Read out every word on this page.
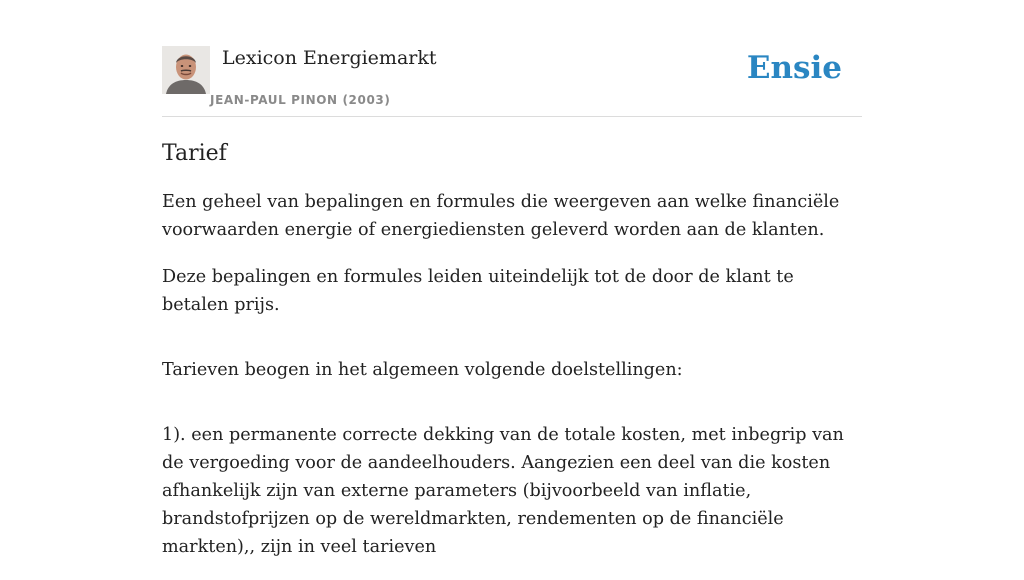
Lexicon Energiemarkt
JEAN-PAUL PINON (2003)
Ensie
Tarief

Een geheel van bepalingen en formules die weergeven aan welke financiële voorwaarden energie of energiediensten geleverd worden aan de klanten.

Deze bepalingen en formules leiden uiteindelijk tot de door de klant te betalen prijs.

Tarieven beogen in het algemeen volgende doelstellingen:

1). een permanente correcte dekking van de totale kosten, met inbegrip van de vergoeding voor de aandeelhouders. Aangezien een deel van die kosten afhankelijk zijn van externe parameters (bijvoorbeeld van inflatie, brandstofprijzen op de wereldmarkten, rendementen op de financiële markten),, zijn in veel tarieven
